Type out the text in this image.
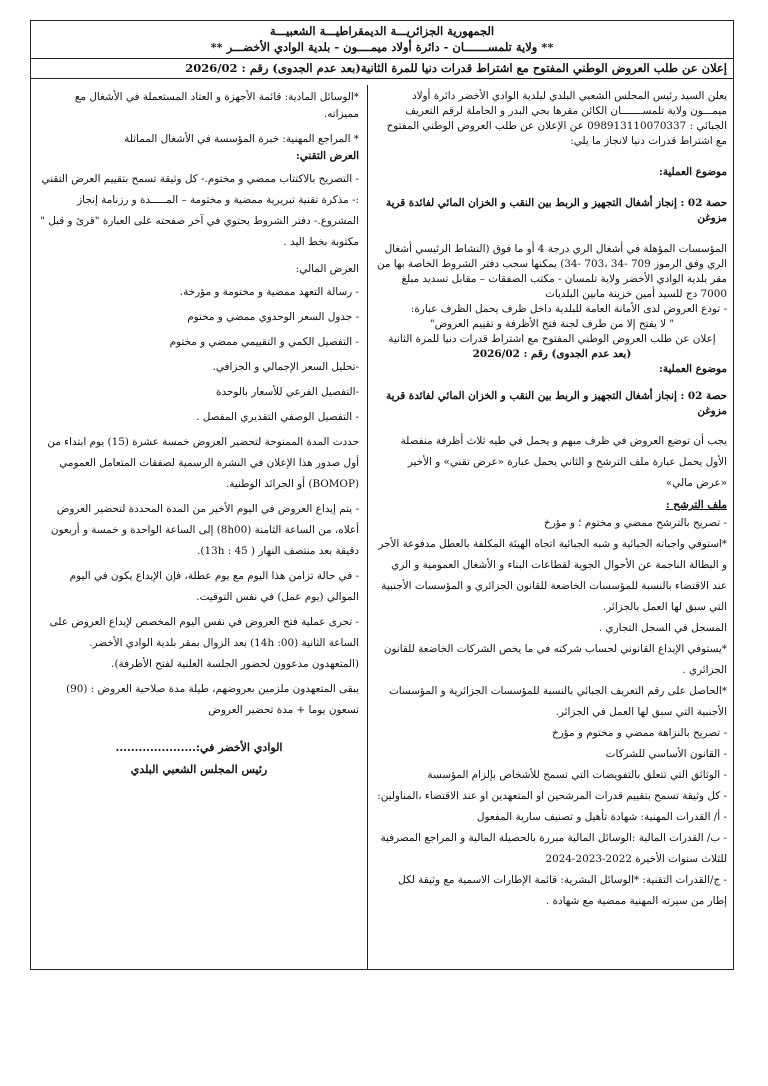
الجمهورية الجزائريـــة الديمقراطيـــة الشعبيـــة
** ولاية تلمســـــــان - دائرة أولاد ميمــــون - بلدية الوادي الأخضـــر **
إعلان عن طلب العروض الوطني المفتوح مع اشتراط قدرات دنيا للمرة الثانية(بعد عدم الجدوى) رقم : 2026/02

يعلن السيد رئيس المجلس الشعبي البلدي لبلدية الوادي الأخضر دائرة أولاد ميمـــون ولاية تلمســـــــان الكائن مقرها بحي البدر و الحاملة لرقم التعريف الجبائي : 098913110070337 عن الإعلان عن طلب العروض الوطني المفتوح مع اشتراط قدرات دنيا لانجاز ما يلي:

موضوع العملية:

حصة 02 : إنجاز أشغال التجهيز و الربط بين النقب و الخزان المائي لفائدة قرية مزوغن

المؤسسات المؤهلة في أشغال الري درجة 4 أو ما فوق (النشاط الرئيسي أشغال الري وفق الرموز 709 -34 ،703 -34) يمكنها سحب دفتر الشروط الخاصة بها من مقر بلدية الوادي الأخضر ولاية تلمسان - مكتب الصفقات – مقابل تسديد مبلغ 7000 دج للسيد أمين خزينة مابين البلديات

- تودع العروض لدى الأمانة العامة للبلدية داخل ظرف يحمل الظرف عبارة:

" لا يفتح إلا من طرف لجنة فتح الأظرفة و تقييم العروض"

إعلان عن طلب العروض الوطني المفتوح مع اشتراط قدرات دنيا للمرة الثانية

(بعد عدم الجدوى) رقم : 2026/02

موضوع العملية:

حصة 02 : إنجاز أشغال التجهيز و الربط بين النقب و الخزان المائي لفائدة قرية مزوغن

يجب أن توضع العروض في ظرف مبهم و يحمل في طيه ثلاث أظرفة منفصلة الأول يحمل عبارة ملف الترشح و الثاني يحمل عبارة «عرض تقني» و الأخير «عرض مالي»

ملف الترشح :

- تصريح بالترشح ممضي و مختوم ؛ و مؤرخ

*استوفي واجباته الجبائية و شبه الجبائية اتجاه الهيئة المكلفة بالعطل مدفوعة الأجر و البطالة الناجمة عن الأحوال الجوية لقطاعات البناء و الأشغال العمومية و الري عند الاقتضاء بالنسبة للمؤسسات الخاضعة للقانون الجزائري و المؤسسات الأجنبية التي سبق لها العمل بالجزائر.

المسجل في السجل التجاري .

*يستوفي الإيداع القانوني لحساب شركته في ما يخص الشركات الخاضعة للقانون الجزائري .

*الحاصل على رقم التعريف الجبائي بالنسبة للمؤسسات الجزائرية و المؤسسات الأجنبية التي سبق لها العمل في الجزائر.

- تصريح بالنزاهة ممضي و مختوم و مؤرخ

- القانون الأساسي للشركات

- الوثائق التي تتعلق بالتفويضات التي تسمح للأشخاص بإلزام المؤسسة

- كل وثيقة تسمح بتقييم قدرات المرشحين او المتعهدين او عند الاقتضاء ،المناولين:

- أ/ القدرات المهنية: شهادة تأهيل و تصنيف سارية المفعول

- ب/ القدرات المالية :الوسائل المالية مبررة بالحصيلة المالية و المراجع المصرفية للثلاث سنوات الأخيرة 2022-2023-2024

- ج/القدرات التقنية: *الوسائل البشرية: قائمة الإطارات الاسمية مع وثيقة لكل إطار من سيرته المهنية ممضية مع شهادة .

*الوسائل المادية: قائمة الأجهزة و العتاد المستعملة في الأشغال مع مميزاته.

* المراجع المهنية: خبرة المؤسسة في الأشغال المماثلة

العرض التقني:

- التصريح بالاكتتاب ممضي و مختوم.- كل وثيقة تسمح بتقييم العرض التقني :- مذكرة تقنية تبريرية ممضية و مختومة – المـــــدة و رزنامة إنجاز المشروع.- دفتر الشروط يحتوي في آخر صفحته على العبارة "قرئ و قبل " مكتوبة بخط اليد .

العرض المالي:

- رسالة التعهد ممضية و مختومة و مؤرخة.

- جدول السعر الوحدوي ممضي و مختوم

- التفصيل الكمي و التقييمي ممضي و مختوم

-تحليل السعر الإجمالي و الجزافي.

-التفصيل الفرعي للأسعار بالوحدة

- التفصيل الوصفي التقديري المفصل .

حددت المدة الممنوحة لتحضير العروض خمسة عشرة (15) يوم ابتداء من أول صدور هذا الإعلان في النشرة الرسمية لصفقات المتعامل العمومي (BOMOP) أو الجرائد الوطنية.

- يتم إيداع العروض في اليوم الأخير من المدة المحددة لتحضير العروض أعلاه، من الساعة الثامنة (8h00) إلى الساعة الواحدة و خمسة و أربعون دقيقة بعد منتصف النهار ( 45 : 13h).

- في حالة تزامن هذا اليوم مع يوم عطلة، فإن الإيداع يكون في اليوم الموالي (يوم عمل) في نفس التوقيت.

- تجرى عملية فتح العروض في نفس اليوم المخصص لإيداع العروض على الساعة الثانية (14h :00) بعد الزوال بمقر بلدية الوادي الأخضر. (المتعهدون مدعوون لحضور الجلسة العلنية لفتح الأظرفة).

يبقى المتعهدون ملزمين بعروضهم، طيلة مدة صلاحية العروض : (90) تسعون يوما + مدة تحضير العروض

الوادي الأخضر في:.....................

رئيس المجلس الشعبي البلدي
